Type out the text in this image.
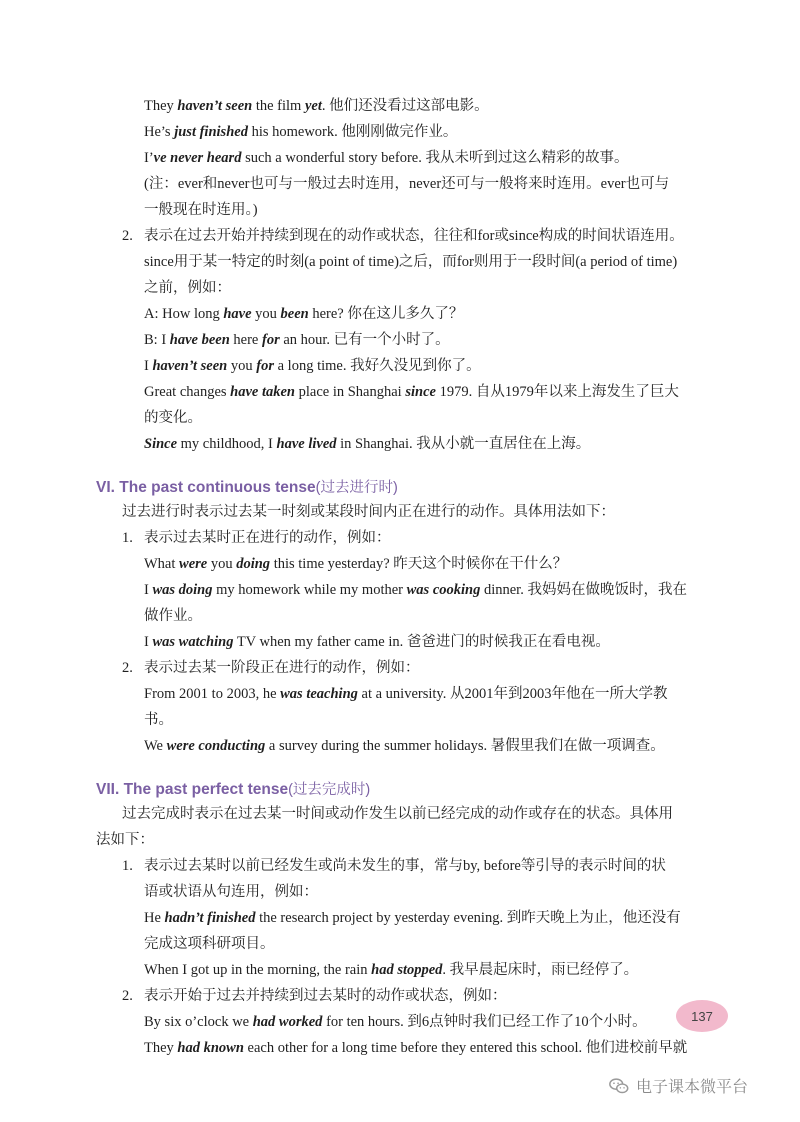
They haven’t seen the film yet. 他们还没看过这部电影。
He’s just finished his homework. 他刚刚做完作业。
I’ve never heard such a wonderful story before. 我从未听到过这么精彩的故事。
(注：ever和never也可与一般过去时连用，never还可与一般将来时连用。ever也可与
一般现在时连用。)
2. 表示在过去开始并持续到现在的动作或状态，往往和for或since构成的时间状语连用。
since用于某一特定的时刻(a point of time)之后，而for则用于一段时间(a period of time)
之前，例如：
A: How long have you been here? 你在这儿多久了？
B: I have been here for an hour. 已有一个小时了。
I haven’t seen you for a long time. 我好久没见到你了。
Great changes have taken place in Shanghai since 1979. 自从1979年以来上海发生了巨大
的变化。
Since my childhood, I have lived in Shanghai. 我从小就一直居住在上海。
VI. The past continuous tense(过去进行时)
过去进行时表示过去某一时刻或某段时间内正在进行的动作。具体用法如下：
1. 表示过去某时正在进行的动作，例如：
What were you doing this time yesterday? 昨天这个时候你在干什么？
I was doing my homework while my mother was cooking dinner. 我妈妈在做晚饭时，我在
做作业。
I was watching TV when my father came in. 爸爸进门的时候我正在看电视。
2. 表示过去某一阶段正在进行的动作，例如：
From 2001 to 2003, he was teaching at a university. 从2001年到2003年他在一所大学教
书。
We were conducting a survey during the summer holidays. 暑假里我们在做一项调查。
VII. The past perfect tense(过去完成时)
过去完成时表示在过去某一时间或动作发生以前已经完成的动作或存在的状态。具体用
法如下：
1. 表示过去某时以前已经发生或尚未发生的事，常与by, before等引导的表示时间的状
语或状语从句连用，例如：
He hadn’t finished the research project by yesterday evening. 到昨天晚上为止，他还没有
完成这项科研项目。
When I got up in the morning, the rain had stopped. 我早晨起床时，雨已经停了。
2. 表示开始于过去并持续到过去某时的动作或状态，例如：
By six o’clock we had worked for ten hours. 到6点钟时我们已经工作了10个小时。
They had known each other for a long time before they entered this school. 他们进校前早就
137
电子课本微平台
